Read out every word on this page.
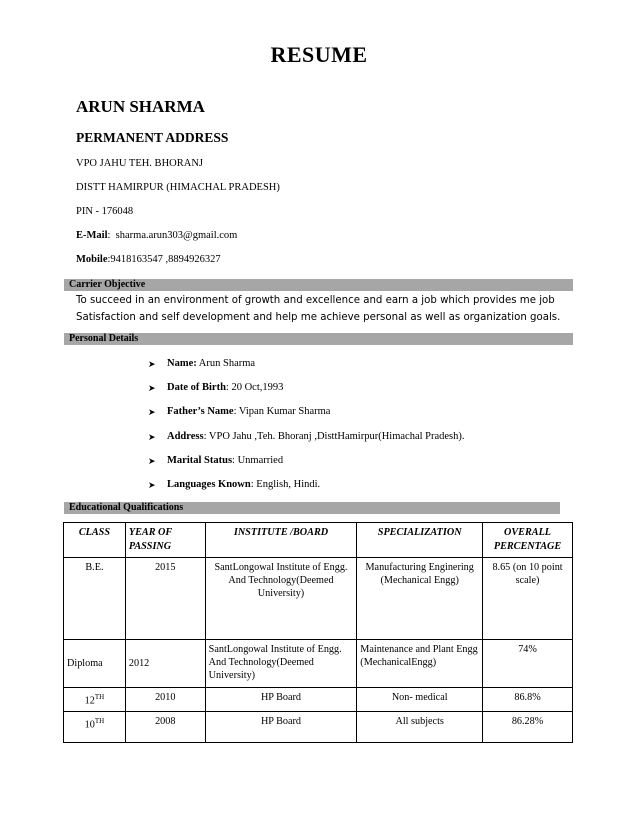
RESUME
ARUN SHARMA
PERMANENT ADDRESS
VPO JAHU TEH. BHORANJ
DISTT HAMIRPUR (HIMACHAL PRADESH)
PIN - 176048
E-Mail:  sharma.arun303@gmail.com
Mobile:9418163547 ,8894926327
Carrier Objective
To succeed in an environment of growth and excellence and earn a job which provides me job Satisfaction and self development and help me achieve personal as well as organization goals.
Personal Details
➤ Name: Arun Sharma
➤ Date of Birth: 20 Oct,1993
➤ Father’s Name: Vipan Kumar Sharma
➤ Address: VPO Jahu ,Teh. Bhoranj ,DisttHamirpur(Himachal Pradesh).
➤ Marital Status: Unmarried
➤ Languages Known: English, Hindi.
Educational Qualifications
CLASS	YEAR OF PASSING	INSTITUTE /BOARD	SPECIALIZATION	OVERALL PERCENTAGE
B.E.	2015	SantLongowal Institute of Engg. And Technology(Deemed University)	Manufacturing Enginering (Mechanical Engg)	8.65 (on 10 point scale)
Diploma	2012	SantLongowal Institute of Engg. And Technology(Deemed University)	Maintenance and Plant Engg (MechanicalEngg)	74%
12TH	2010	HP Board	Non- medical	86.8%
10TH	2008	HP Board	All subjects	86.28%
